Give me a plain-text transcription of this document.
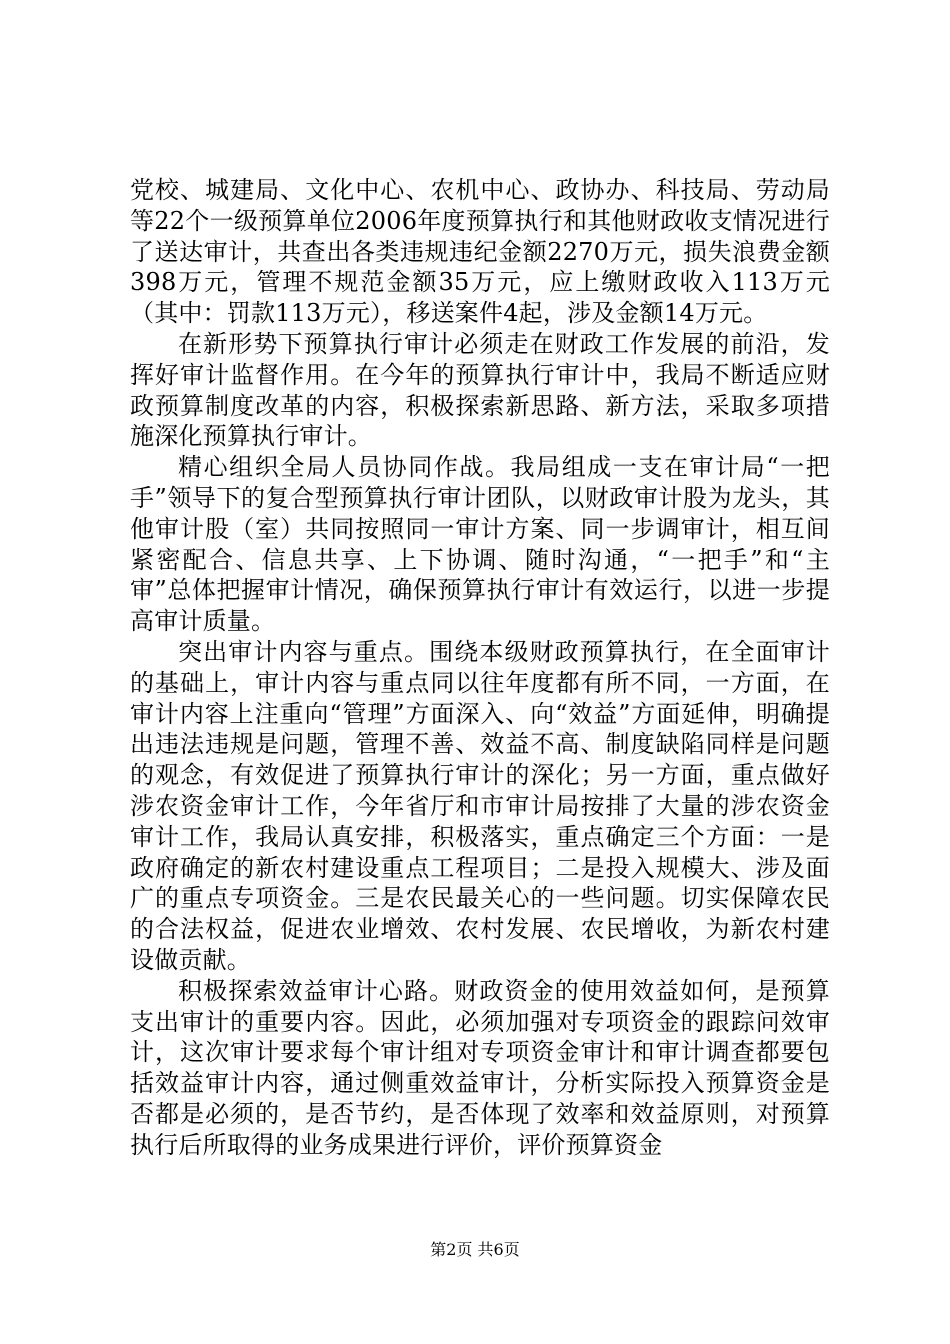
党校、城建局、文化中心、农机中心、政协办、科技局、劳动局等22个一级预算单位2006年度预算执行和其他财政收支情况进行了送达审计，共查出各类违规违纪金额2270万元，损失浪费金额398万元，管理不规范金额35万元，应上缴财政收入113万元（其中：罚款113万元），移送案件4起，涉及金额14万元。

在新形势下预算执行审计必须走在财政工作发展的前沿，发挥好审计监督作用。在今年的预算执行审计中，我局不断适应财政预算制度改革的内容，积极探索新思路、新方法，采取多项措施深化预算执行审计。

精心组织全局人员协同作战。我局组成一支在审计局“一把手”领导下的复合型预算执行审计团队，以财政审计股为龙头，其他审计股（室）共同按照同一审计方案、同一步调审计，相互间紧密配合、信息共享、上下协调、随时沟通，“一把手”和“主审”总体把握审计情况，确保预算执行审计有效运行，以进一步提高审计质量。

突出审计内容与重点。围绕本级财政预算执行，在全面审计的基础上，审计内容与重点同以往年度都有所不同，一方面，在审计内容上注重向“管理”方面深入、向“效益”方面延伸，明确提出违法违规是问题，管理不善、效益不高、制度缺陷同样是问题的观念，有效促进了预算执行审计的深化；另一方面，重点做好涉农资金审计工作，今年省厅和市审计局按排了大量的涉农资金审计工作，我局认真安排，积极落实，重点确定三个方面：一是政府确定的新农村建设重点工程项目；二是投入规模大、涉及面广的重点专项资金。三是农民最关心的一些问题。切实保障农民的合法权益，促进农业增效、农村发展、农民增收，为新农村建设做贡献。

积极探索效益审计心路。财政资金的使用效益如何，是预算支出审计的重要内容。因此，必须加强对专项资金的跟踪问效审计，这次审计要求每个审计组对专项资金审计和审计调查都要包括效益审计内容，通过侧重效益审计，分析实际投入预算资金是否都是必须的，是否节约，是否体现了效率和效益原则，对预算执行后所取得的业务成果进行评价，评价预算资金

第2页 共6页
